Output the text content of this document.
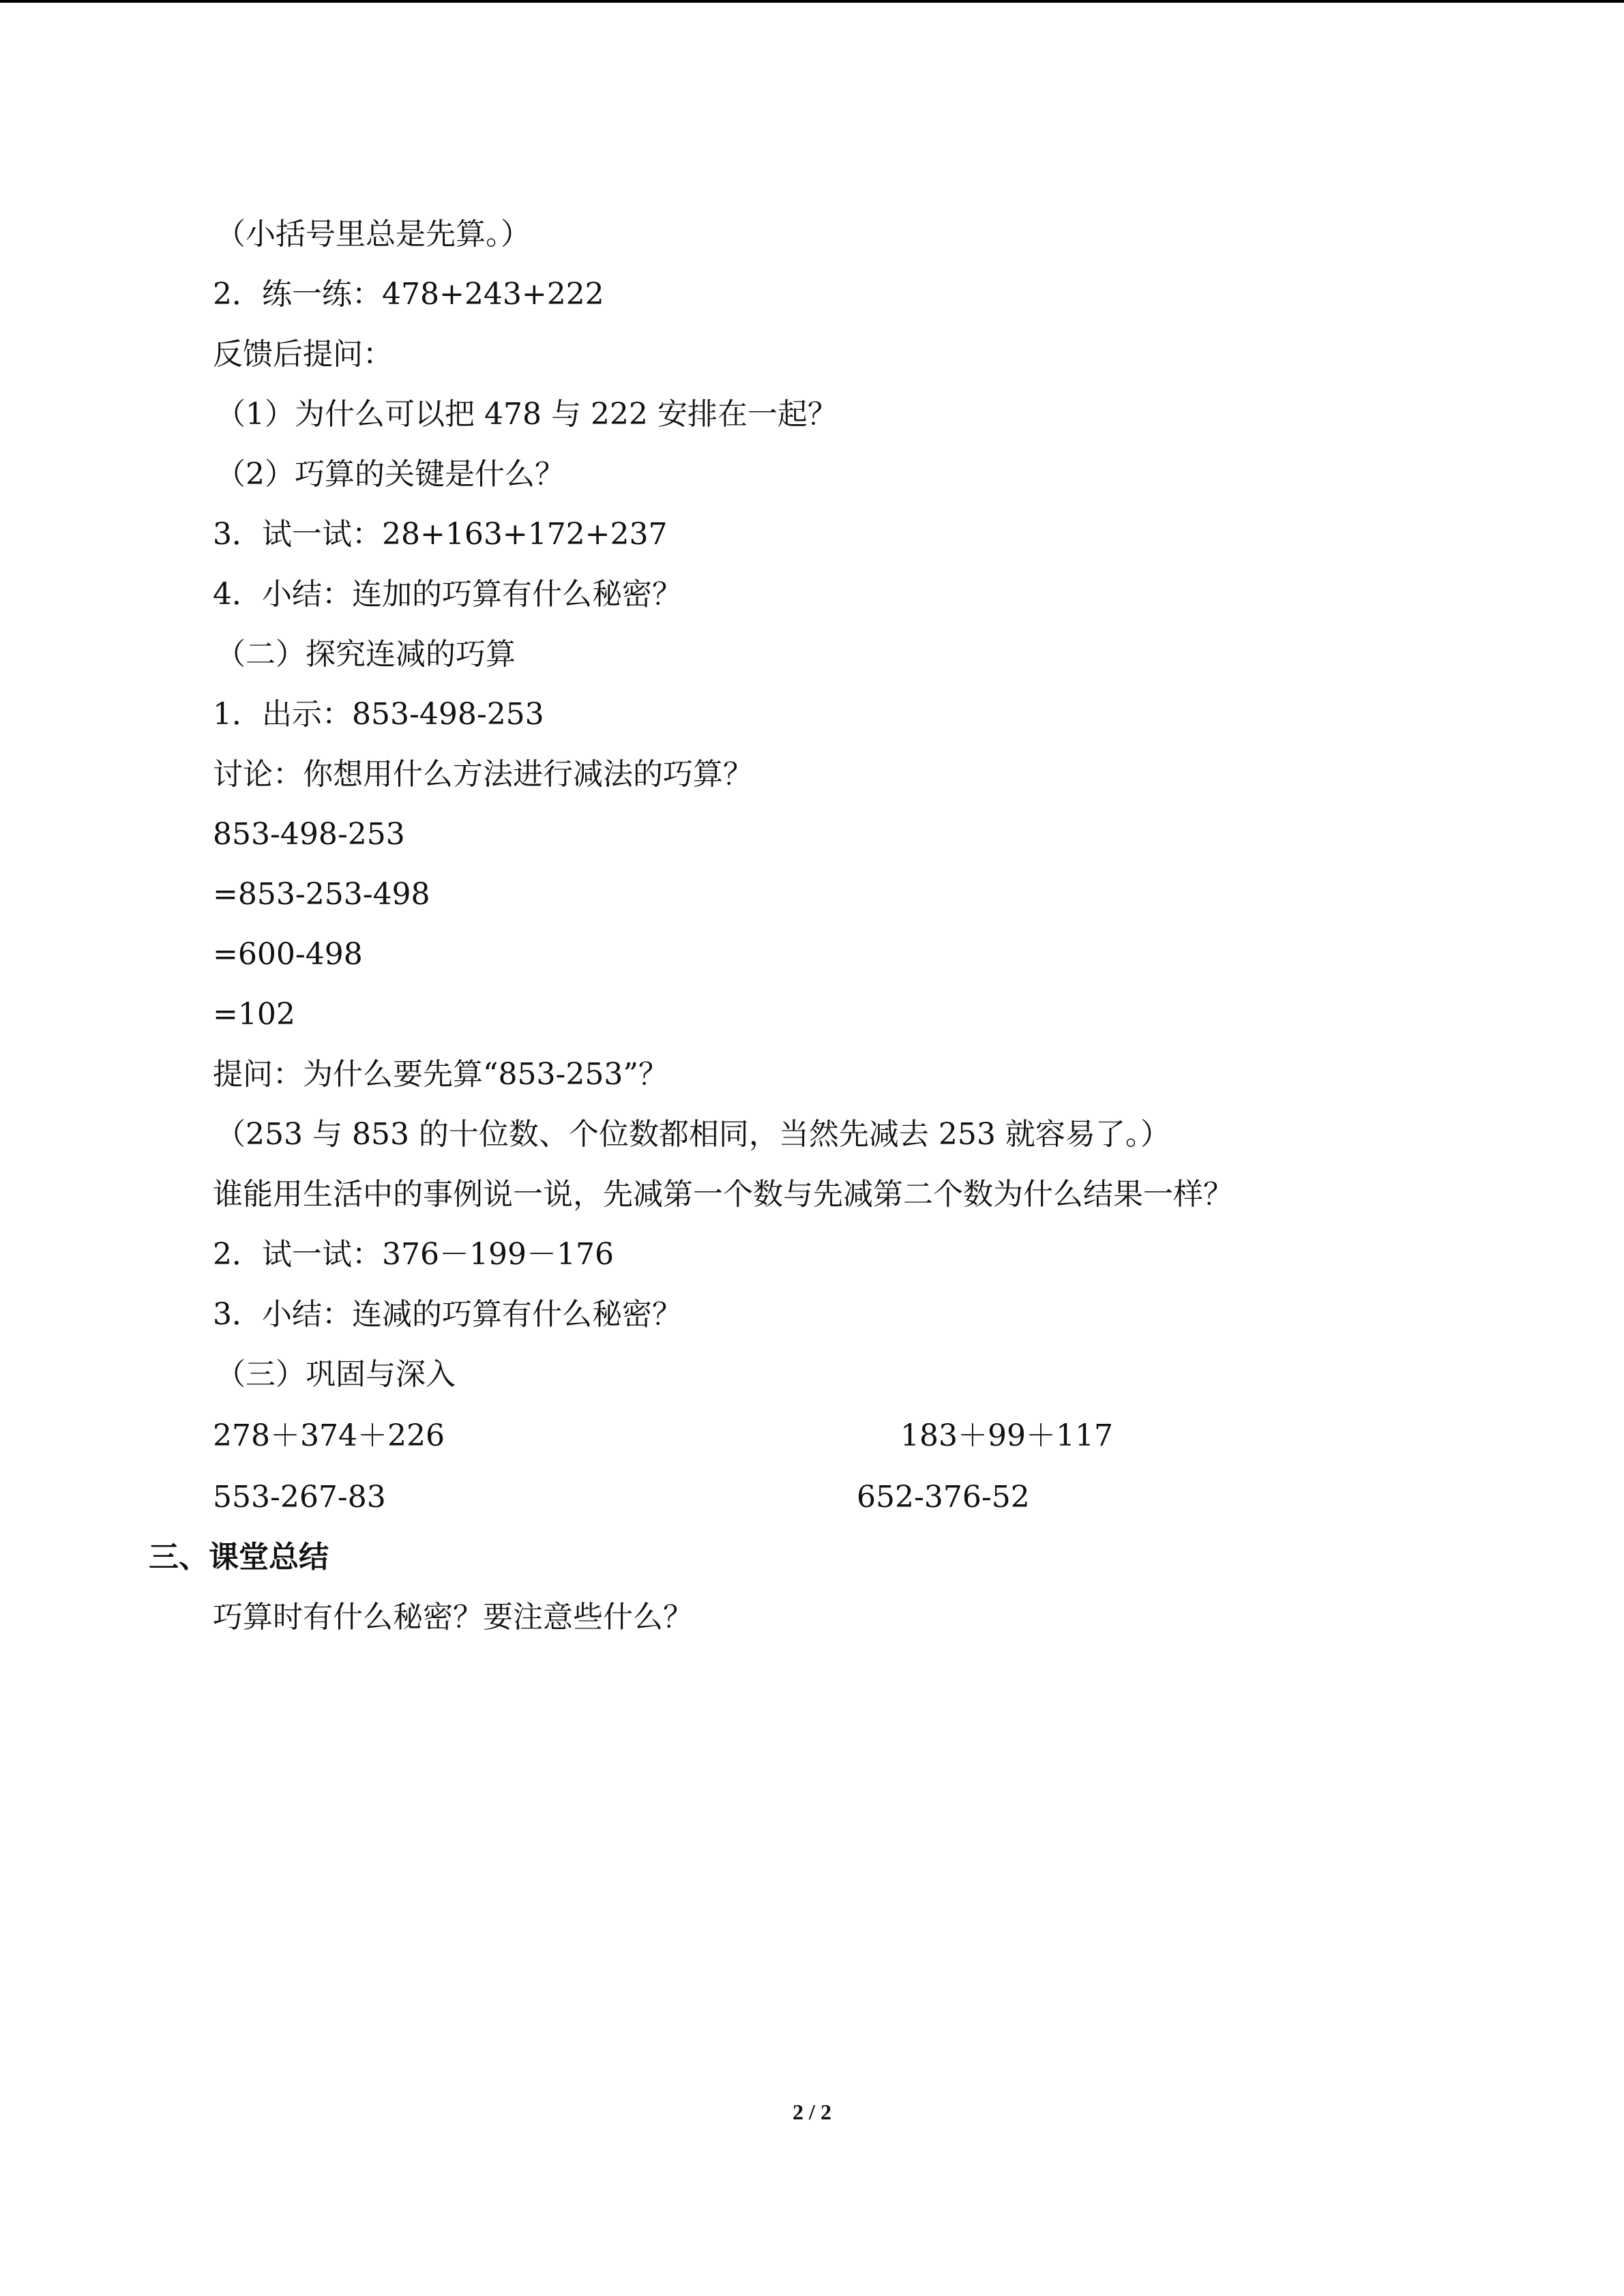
（小括号里总是先算。）
2．练一练：478+243+222
反馈后提问：
（1）为什么可以把 478 与 222 安排在一起？
（2）巧算的关键是什么？
3．试一试：28+163+172+237
4．小结：连加的巧算有什么秘密？
（二）探究连减的巧算
1．出示：853-498-253
讨论：你想用什么方法进行减法的巧算？
853-498-253
=853-253-498
=600-498
=102
提问：为什么要先算“853-253”？
（253 与 853 的十位数、个位数都相同，当然先减去 253 就容易了。）
谁能用生活中的事例说一说，先减第一个数与先减第二个数为什么结果一样？
2．试一试：376－199－176
3．小结：连减的巧算有什么秘密？
（三）巩固与深入
278＋374＋226	183＋99＋117
553-267-83	652-376-52
三、课堂总结
巧算时有什么秘密？要注意些什么？
2 / 2
